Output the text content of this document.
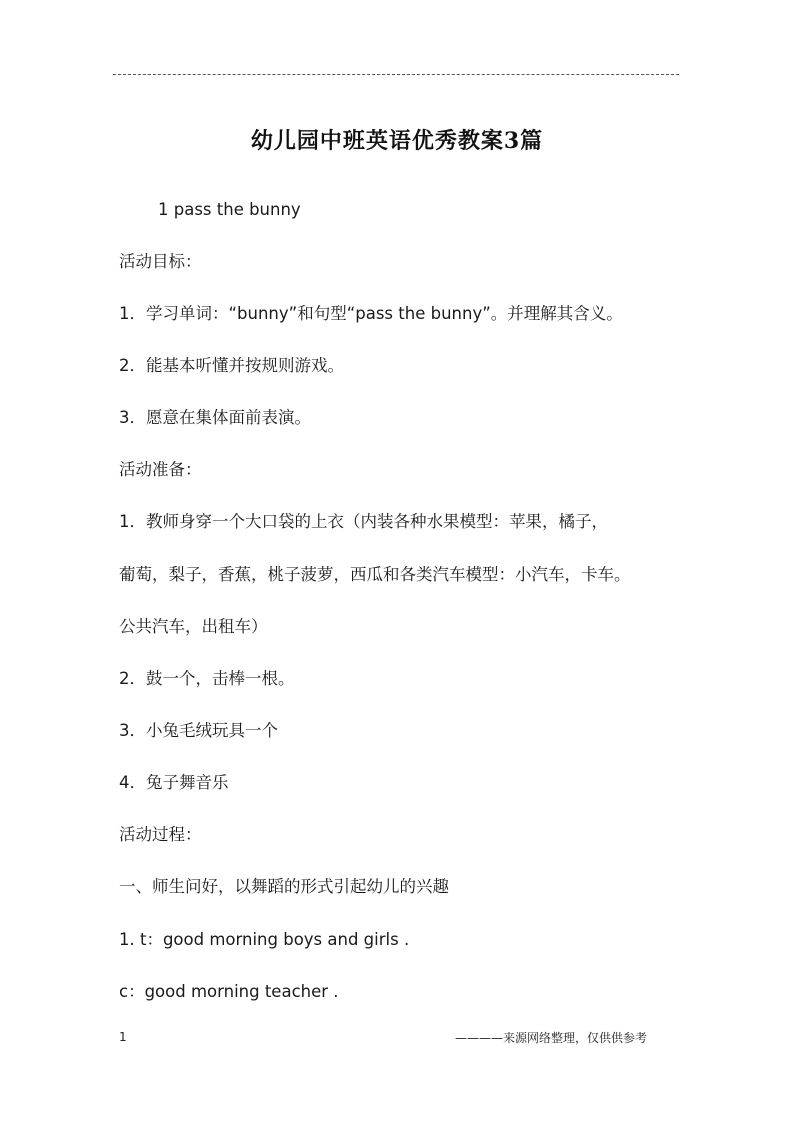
幼儿园中班英语优秀教案3篇
1 pass the bunny
活动目标：
1．学习单词：“bunny”和句型“pass the bunny”。并理解其含义。
2．能基本听懂并按规则游戏。
3．愿意在集体面前表演。
活动准备：
1．教师身穿一个大口袋的上衣（内装各种水果模型：苹果，橘子，
葡萄，梨子，香蕉，桃子菠萝，西瓜和各类汽车模型：小汽车，卡车。
公共汽车，出租车）
2．鼓一个，击棒一根。
3．小兔毛绒玩具一个
4．兔子舞音乐
活动过程：
一、师生问好，以舞蹈的形式引起幼儿的兴趣
1. t：good morning boys and girls .
c：good morning teacher .
1	————来源网络整理，仅供供参考
